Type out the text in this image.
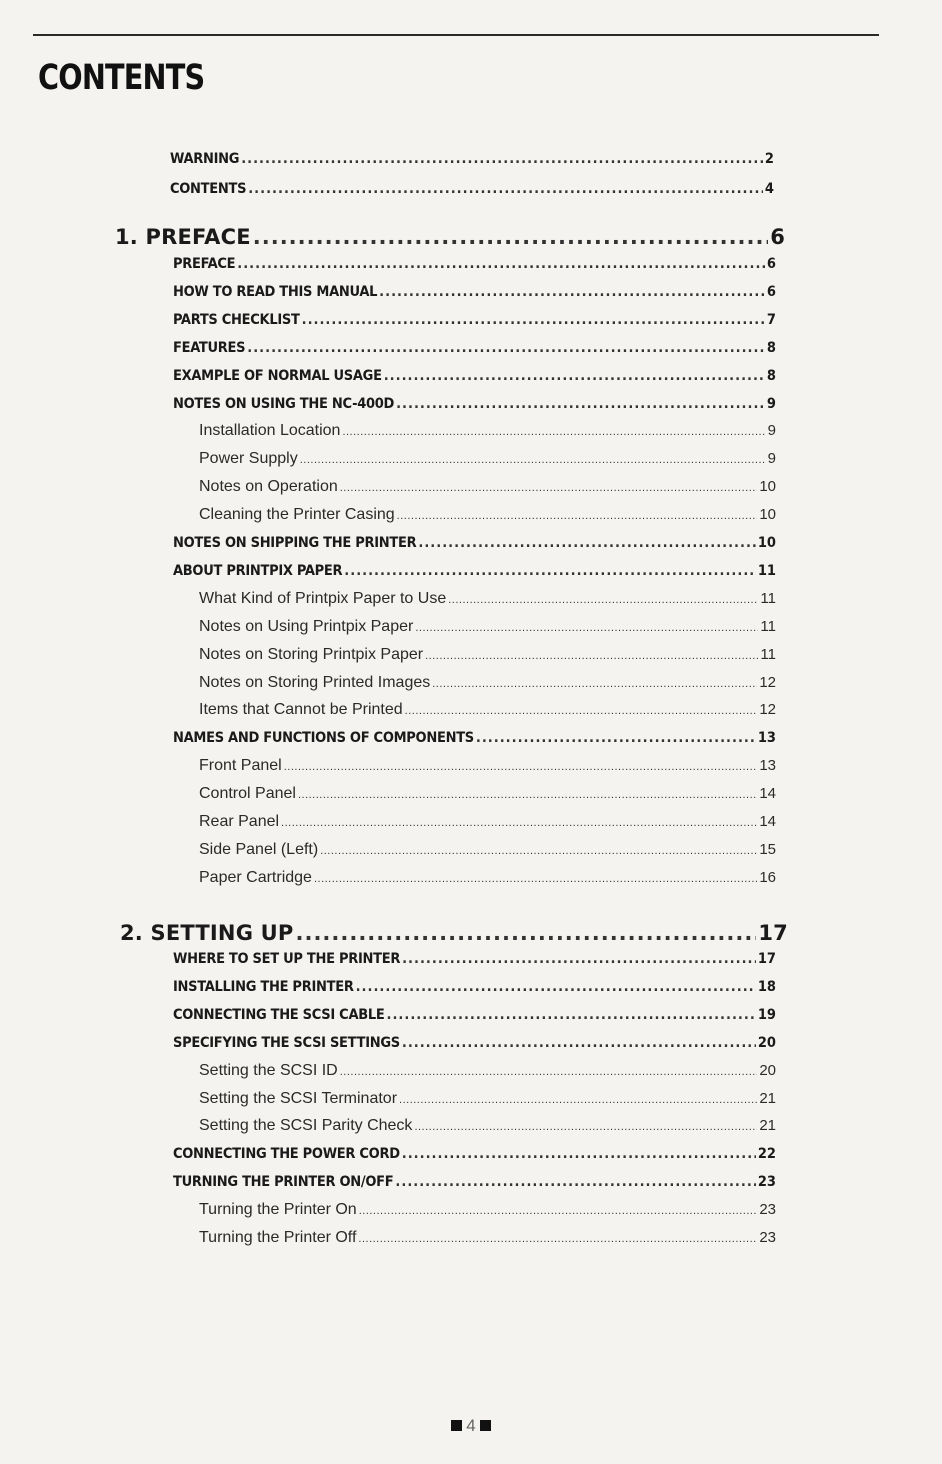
CONTENTS
WARNING .....	2
CONTENTS .....	4
1. PREFACE .....	6
PREFACE .....	6
HOW TO READ THIS MANUAL .....	6
PARTS CHECKLIST .....	7
FEATURES .....	8
EXAMPLE OF NORMAL USAGE .....	8
NOTES ON USING THE NC-400D .....	9
Installation Location .....	9
Power Supply .....	9
Notes on Operation .....	10
Cleaning the Printer Casing .....	10
NOTES ON SHIPPING THE PRINTER .....	10
ABOUT PRINTPIX PAPER .....	11
What Kind of Printpix Paper to Use .....	11
Notes on Using Printpix Paper .....	11
Notes on Storing Printpix Paper .....	11
Notes on Storing Printed Images .....	12
Items that Cannot be Printed .....	12
NAMES AND FUNCTIONS OF COMPONENTS .....	13
Front Panel .....	13
Control Panel .....	14
Rear Panel .....	14
Side Panel (Left) .....	15
Paper Cartridge .....	16
2. SETTING UP .....	17
WHERE TO SET UP THE PRINTER .....	17
INSTALLING THE PRINTER .....	18
CONNECTING THE SCSI CABLE .....	19
SPECIFYING THE SCSI SETTINGS .....	20
Setting the SCSI ID .....	20
Setting the SCSI Terminator .....	21
Setting the SCSI Parity Check .....	21
CONNECTING THE POWER CORD .....	22
TURNING THE PRINTER ON/OFF .....	23
Turning the Printer On .....	23
Turning the Printer Off .....	23
4
